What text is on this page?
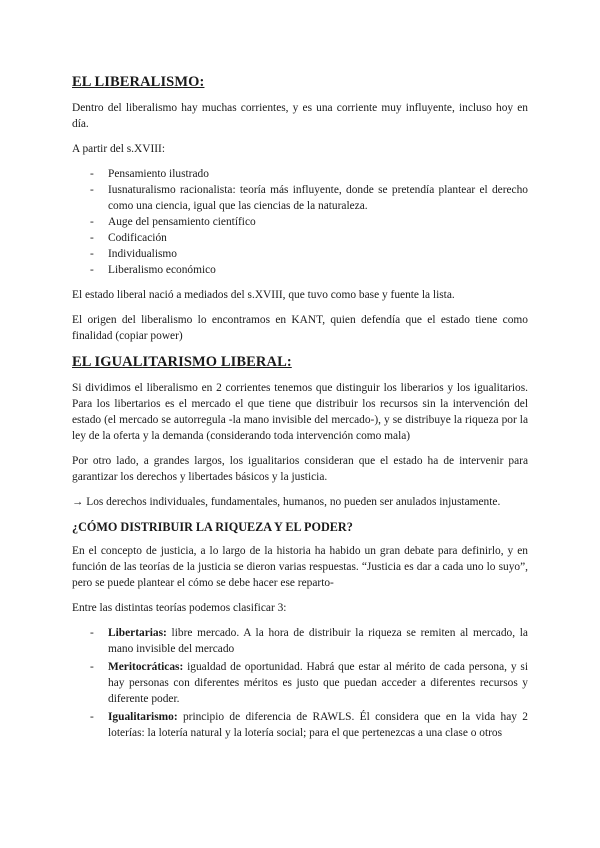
EL LIBERALISMO:

Dentro del liberalismo hay muchas corrientes, y es una corriente muy influyente, incluso hoy en día.

A partir del s.XVIII:

- Pensamiento ilustrado
- Iusnaturalismo racionalista: teoría más influyente, donde se pretendía plantear el derecho como una ciencia, igual que las ciencias de la naturaleza.
- Auge del pensamiento científico
- Codificación
- Individualismo
- Liberalismo económico

El estado liberal nació a mediados del s.XVIII, que tuvo como base y fuente la lista.

El origen del liberalismo lo encontramos en KANT, quien defendía que el estado tiene como finalidad (copiar power)

EL IGUALITARISMO LIBERAL:

Si dividimos el liberalismo en 2 corrientes tenemos que distinguir los liberarios y los igualitarios. Para los libertarios es el mercado el que tiene que distribuir los recursos sin la intervención del estado (el mercado se autorregula -la mano invisible del mercado-), y se distribuye la riqueza por la ley de la oferta y la demanda (considerando toda intervención como mala)

Por otro lado, a grandes largos, los igualitarios consideran que el estado ha de intervenir para garantizar los derechos y libertades básicos y la justicia.

→ Los derechos individuales, fundamentales, humanos, no pueden ser anulados injustamente.

¿CÓMO DISTRIBUIR LA RIQUEZA Y EL PODER?

En el concepto de justicia, a lo largo de la historia ha habido un gran debate para definirlo, y en función de las teorías de la justicia se dieron varias respuestas. “Justicia es dar a cada uno lo suyo”, pero se puede plantear el cómo se debe hacer ese reparto-

Entre las distintas teorías podemos clasificar 3:

- Libertarias: libre mercado. A la hora de distribuir la riqueza se remiten al mercado, la mano invisible del mercado
- Meritocráticas: igualdad de oportunidad. Habrá que estar al mérito de cada persona, y si hay personas con diferentes méritos es justo que puedan acceder a diferentes recursos y diferente poder.
- Igualitarismo: principio de diferencia de RAWLS. Él considera que en la vida hay 2 loterías: la lotería natural y la lotería social; para el que pertenezcas a una clase o otros
